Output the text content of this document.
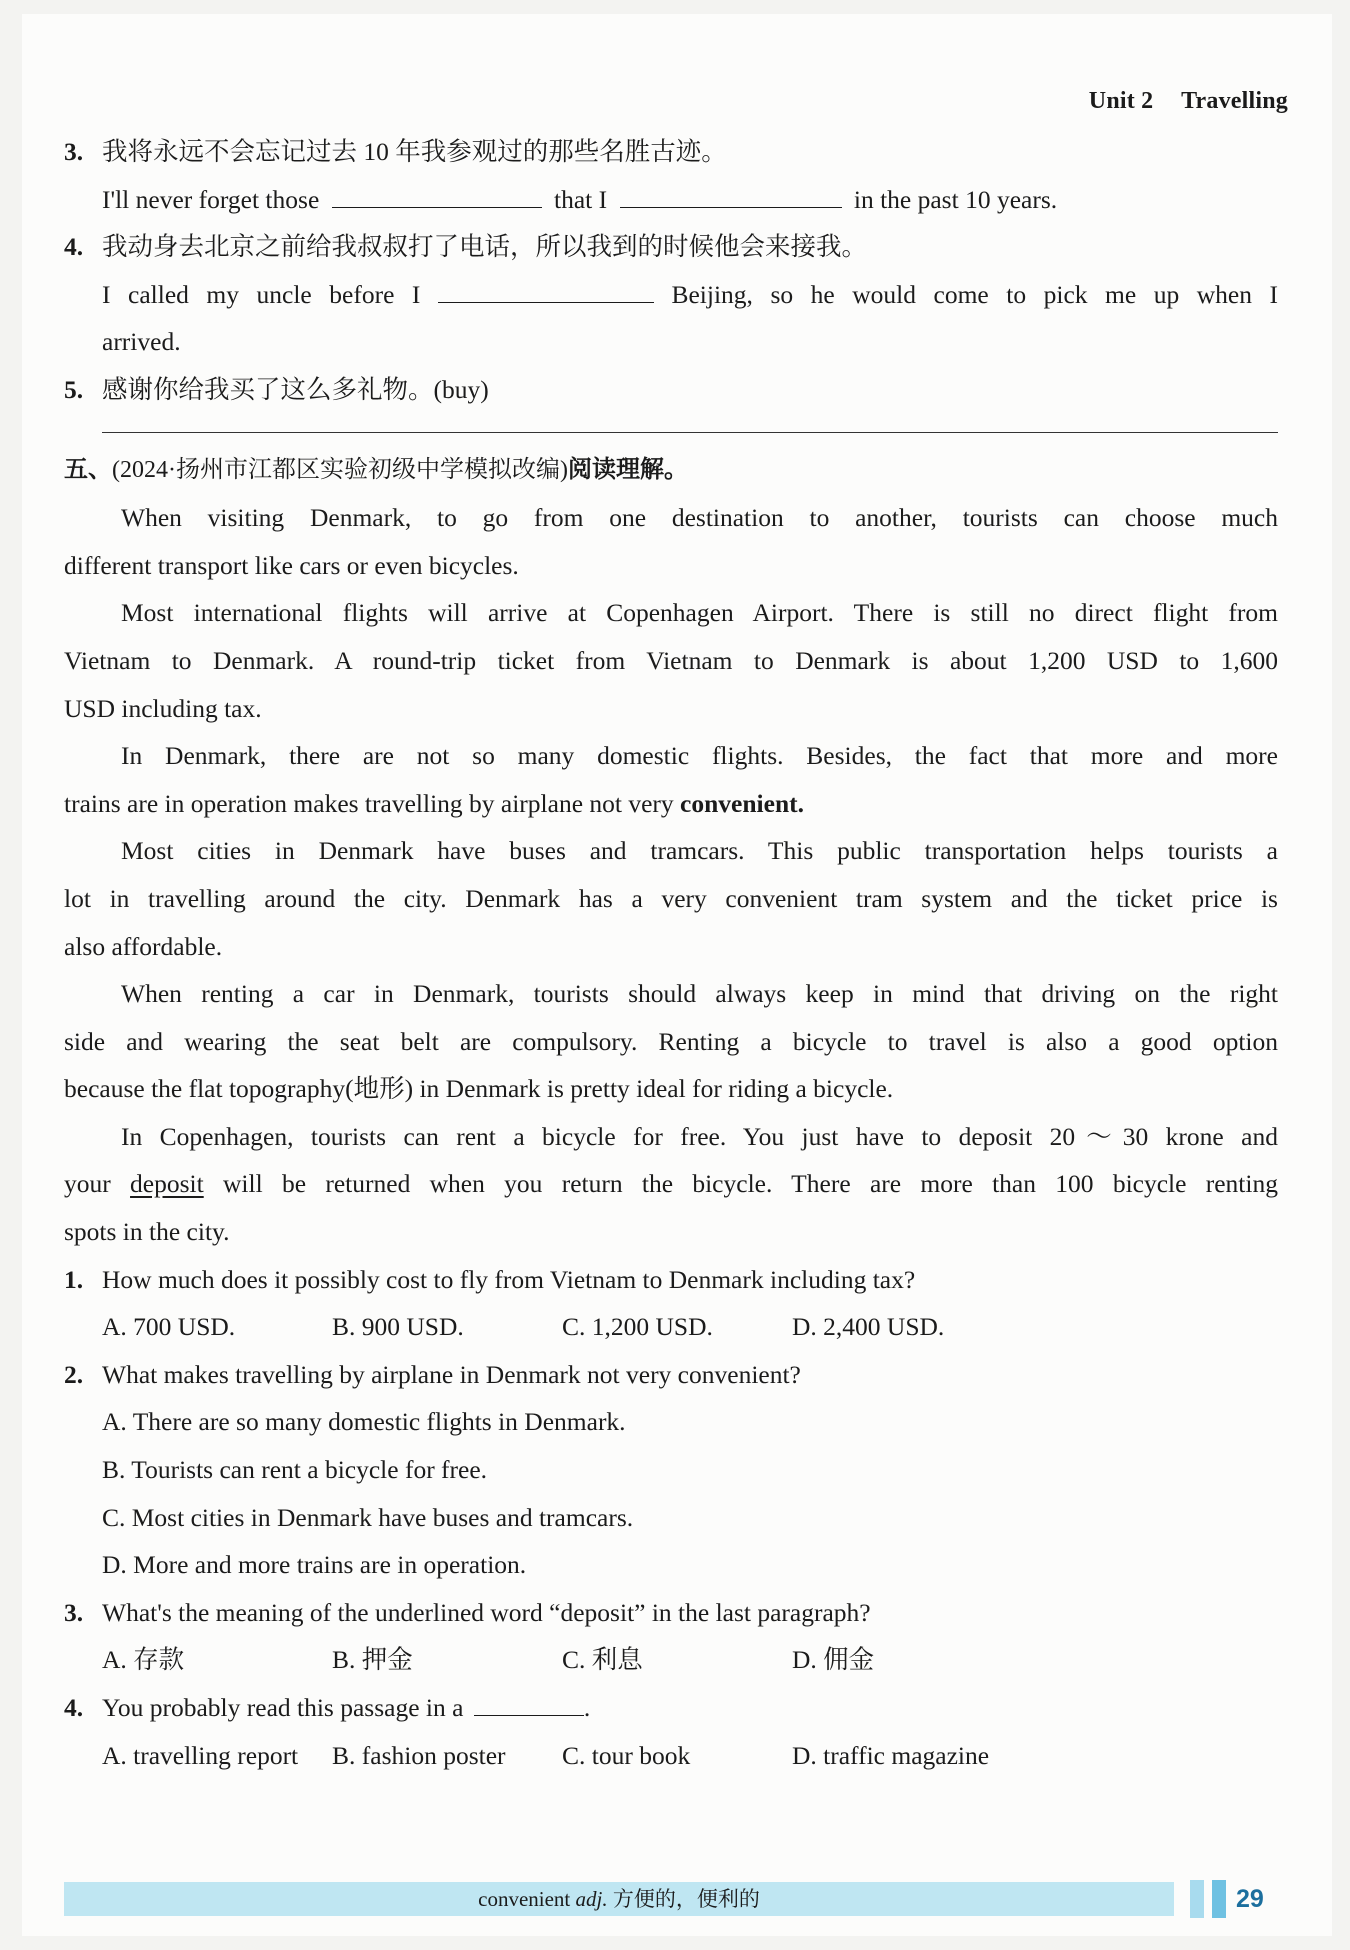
Unit 2 Travelling
3. 我将永远不会忘记过去 10 年我参观过的那些名胜古迹。
I'll never forget those	that I	in the past 10 years.
4. 我动身去北京之前给我叔叔打了电话，所以我到的时候他会来接我。
I called my uncle before I	Beijing, so he would come to pick me up when I
arrived.
5. 感谢你给我买了这么多礼物。(buy)
五、(2024·扬州市江都区实验初级中学模拟改编)阅读理解。
When visiting Denmark, to go from one destination to another, tourists can choose much
different transport like cars or even bicycles.
Most international flights will arrive at Copenhagen Airport. There is still no direct flight from
Vietnam to Denmark. A round-trip ticket from Vietnam to Denmark is about 1,200 USD to 1,600
USD including tax.
In Denmark, there are not so many domestic flights. Besides, the fact that more and more
trains are in operation makes travelling by airplane not very convenient.
Most cities in Denmark have buses and tramcars. This public transportation helps tourists a
lot in travelling around the city. Denmark has a very convenient tram system and the ticket price is
also affordable.
When renting a car in Denmark, tourists should always keep in mind that driving on the right
side and wearing the seat belt are compulsory. Renting a bicycle to travel is also a good option
because the flat topography(地形) in Denmark is pretty ideal for riding a bicycle.
In Copenhagen, tourists can rent a bicycle for free. You just have to deposit 20～30 krone and
your deposit will be returned when you return the bicycle. There are more than 100 bicycle renting
spots in the city.
1. How much does it possibly cost to fly from Vietnam to Denmark including tax?
A. 700 USD.	B. 900 USD.	C. 1,200 USD.	D. 2,400 USD.
2. What makes travelling by airplane in Denmark not very convenient?
A. There are so many domestic flights in Denmark.
B. Tourists can rent a bicycle for free.
C. Most cities in Denmark have buses and tramcars.
D. More and more trains are in operation.
3. What's the meaning of the underlined word “deposit” in the last paragraph?
A. 存款	B. 押金	C. 利息	D. 佣金
4. You probably read this passage in a	.
A. travelling report B. fashion poster C. tour book	D. traffic magazine
convenient adj. 方便的，便利的	29
